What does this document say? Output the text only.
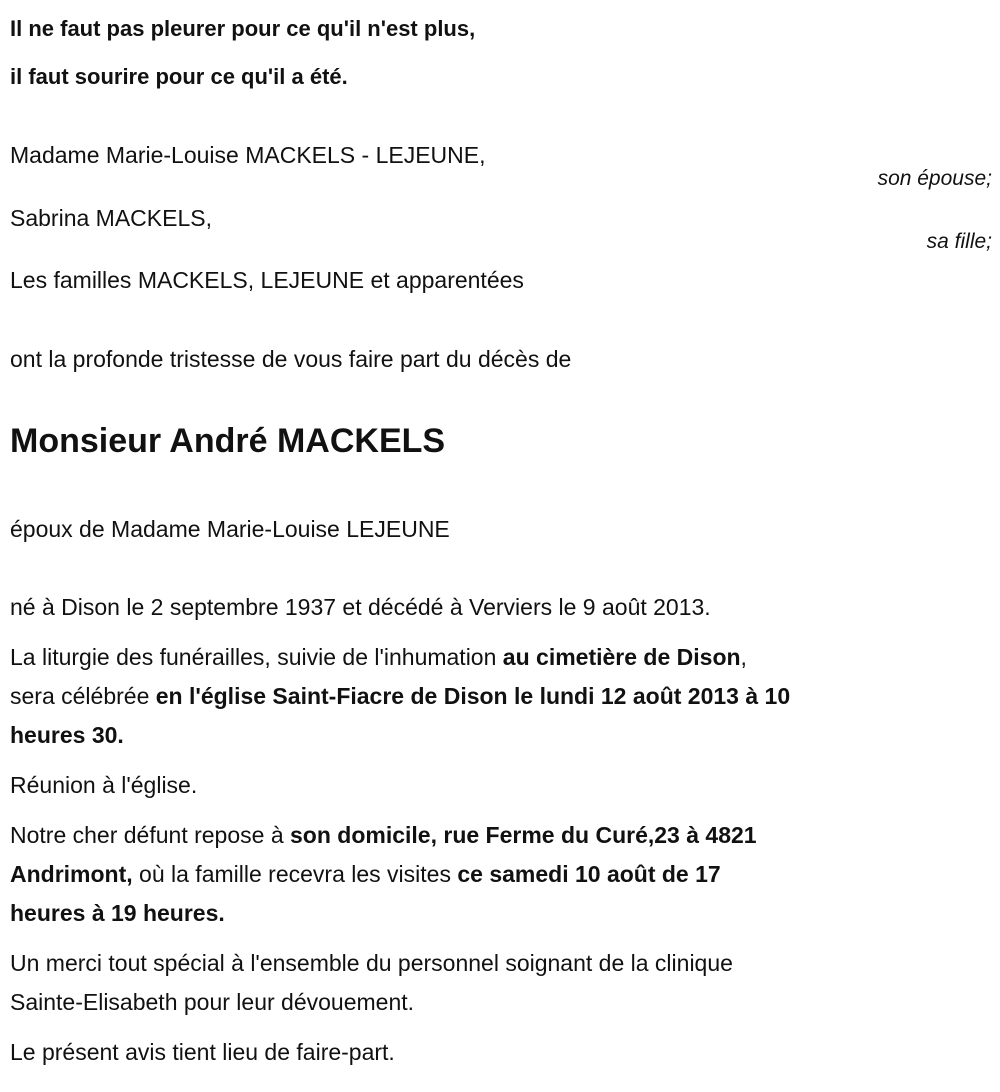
Il ne faut pas pleurer pour ce qu'il n'est plus,
il faut sourire pour ce qu'il a été.
Madame Marie-Louise MACKELS - LEJEUNE,
son épouse;
Sabrina MACKELS,
sa fille;
Les familles MACKELS, LEJEUNE et apparentées
ont la profonde tristesse de vous faire part du décès de
Monsieur André MACKELS
époux de Madame Marie-Louise LEJEUNE
né à Dison le 2 septembre 1937 et décédé à Verviers le 9 août 2013.
La liturgie des funérailles, suivie de l'inhumation au cimetière de Dison,
sera célébrée en l'église Saint-Fiacre de Dison le lundi 12 août 2013 à 10
heures 30.
Réunion à l'église.
Notre cher défunt repose à son domicile, rue Ferme du Curé,23 à 4821
Andrimont, où la famille recevra les visites ce samedi 10 août de 17
heures à 19 heures.
Un merci tout spécial à l'ensemble du personnel soignant de la clinique
Sainte-Elisabeth pour leur dévouement.
Le présent avis tient lieu de faire-part.
